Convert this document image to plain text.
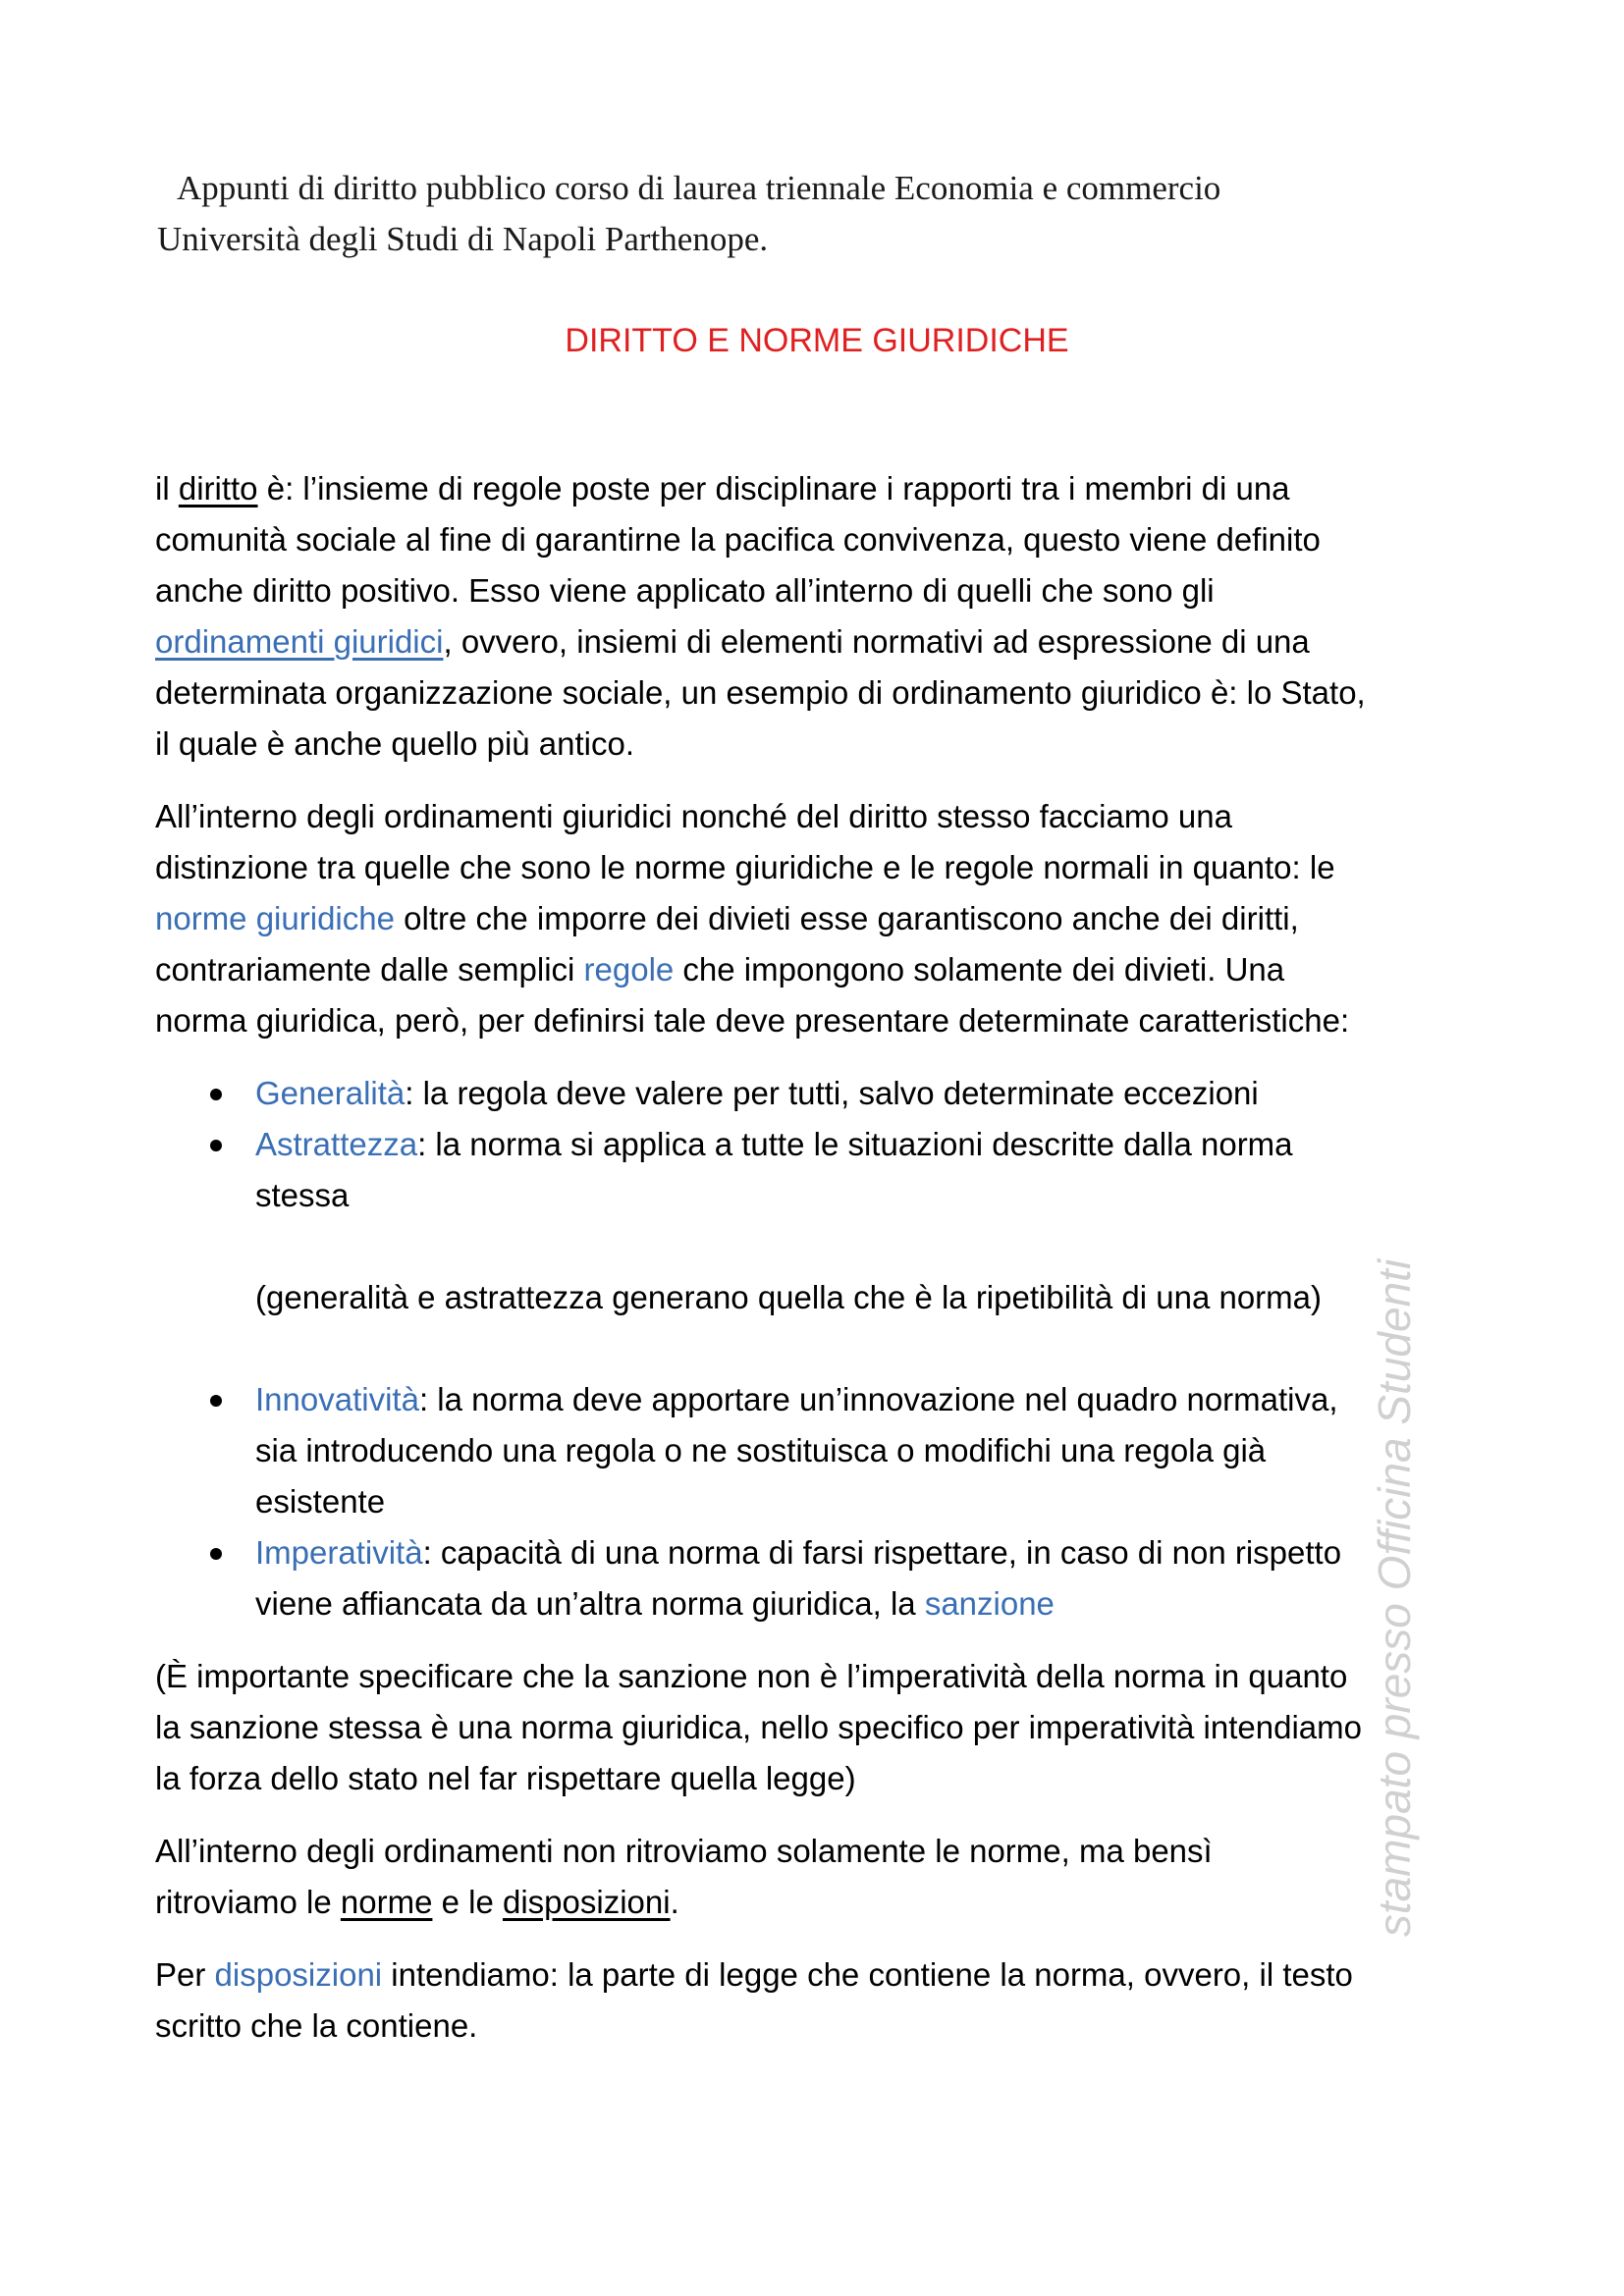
Appunti di diritto pubblico corso di laurea triennale Economia e commercio
Università degli Studi di Napoli Parthenope.
DIRITTO E NORME GIURIDICHE

il diritto è: l’insieme di regole poste per disciplinare i rapporti tra i membri di una
comunità sociale al fine di garantirne la pacifica convivenza, questo viene definito
anche diritto positivo. Esso viene applicato all’interno di quelli che sono gli
ordinamenti giuridici, ovvero, insiemi di elementi normativi ad espressione di una
determinata organizzazione sociale, un esempio di ordinamento giuridico è: lo Stato,
il quale è anche quello più antico.

All’interno degli ordinamenti giuridici nonché del diritto stesso facciamo una
distinzione tra quelle che sono le norme giuridiche e le regole normali in quanto: le
norme giuridiche oltre che imporre dei divieti esse garantiscono anche dei diritti,
contrariamente dalle semplici regole che impongono solamente dei divieti. Una
norma giuridica, però, per definirsi tale deve presentare determinate caratteristiche:

Generalità: la regola deve valere per tutti, salvo determinate eccezioni
Astrattezza: la norma si applica a tutte le situazioni descritte dalla norma
stessa
(generalità e astrattezza generano quella che è la ripetibilità di una norma)
Innovatività: la norma deve apportare un’innovazione nel quadro normativa,
sia introducendo una regola o ne sostituisca o modifichi una regola già
esistente
Imperatività: capacità di una norma di farsi rispettare, in caso di non rispetto
viene affiancata da un’altra norma giuridica, la sanzione

(È importante specificare che la sanzione non è l’imperatività della norma in quanto
la sanzione stessa è una norma giuridica, nello specifico per imperatività intendiamo
la forza dello stato nel far rispettare quella legge)

All’interno degli ordinamenti non ritroviamo solamente le norme, ma bensì
ritroviamo le norme e le disposizioni.

Per disposizioni intendiamo: la parte di legge che contiene la norma, ovvero, il testo
scritto che la contiene.

stampato presso Officina Studenti
